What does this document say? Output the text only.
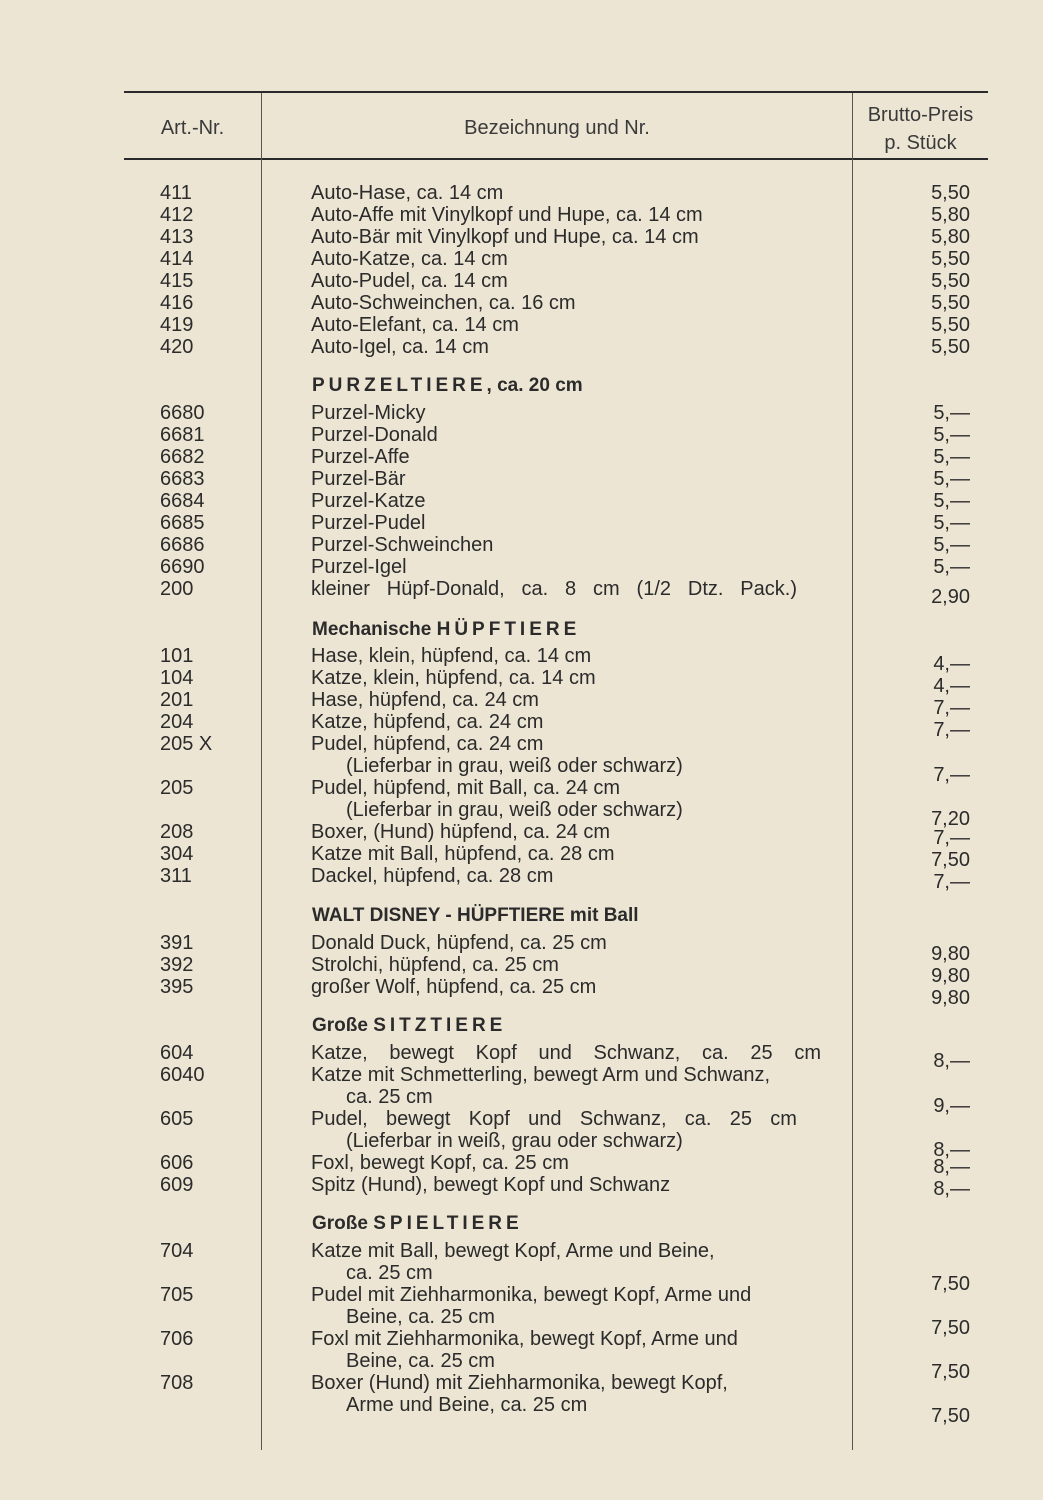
Art.-Nr.	Bezeichnung und Nr.
Brutto-Preis
p. Stück
PURZELTIERE, ca. 20 cm
Mechanische HÜPFTIERE
WALT DISNEY - HÜPFTIERE mit Ball
Große SITZTIERE
Große SPIELTIERE
411	Auto-Hase, ca. 14 cm	5,50
412	Auto-Affe mit Vinylkopf und Hupe, ca. 14 cm	5,80
413	Auto-Bär mit Vinylkopf und Hupe, ca. 14 cm	5,80
414	Auto-Katze, ca. 14 cm	5,50
415	Auto-Pudel, ca. 14 cm	5,50
416	Auto-Schweinchen, ca. 16 cm	5,50
419	Auto-Elefant, ca. 14 cm	5,50
420	Auto-Igel, ca. 14 cm	5,50
6680	Purzel-Micky	5,—
6681	Purzel-Donald	5,—
6682	Purzel-Affe	5,—
6683	Purzel-Bär	5,—
6684	Purzel-Katze	5,—
6685	Purzel-Pudel	5,—
6686	Purzel-Schweinchen	5,—
6690	Purzel-Igel	5,—
200	kleiner Hüpf-Donald, ca. 8 cm (1/2 Dtz. Pack.)	2,90
101	Hase, klein, hüpfend, ca. 14 cm	4,—
104	Katze, klein, hüpfend, ca. 14 cm	4,—
201	Hase, hüpfend, ca. 24 cm	7,—
204	Katze, hüpfend, ca. 24 cm	7,—
205 X	Pudel, hüpfend, ca. 24 cm
(Lieferbar in grau, weiß oder schwarz)	7,—
205	Pudel, hüpfend, mit Ball, ca. 24 cm
(Lieferbar in grau, weiß oder schwarz)	7,20
208	Boxer, (Hund) hüpfend, ca. 24 cm	7,—
304	Katze mit Ball, hüpfend, ca. 28 cm	7,50
311	Dackel, hüpfend, ca. 28 cm	7,—
391	Donald Duck, hüpfend, ca. 25 cm	9,80
392	Strolchi, hüpfend, ca. 25 cm	9,80
395	großer Wolf, hüpfend, ca. 25 cm	9,80
604	Katze, bewegt Kopf und Schwanz, ca. 25 cm	8,—
6040	Katze mit Schmetterling, bewegt Arm und Schwanz,
ca. 25 cm	9,—
605	Pudel, bewegt Kopf und Schwanz, ca. 25 cm
(Lieferbar in weiß, grau oder schwarz)	8,—
606	Foxl, bewegt Kopf, ca. 25 cm	8,—
609	Spitz (Hund), bewegt Kopf und Schwanz	8,—
704	Katze mit Ball, bewegt Kopf, Arme und Beine,
ca. 25 cm	7,50
705	Pudel mit Ziehharmonika, bewegt Kopf, Arme und
Beine, ca. 25 cm	7,50
706	Foxl mit Ziehharmonika, bewegt Kopf, Arme und
Beine, ca. 25 cm	7,50
708	Boxer (Hund) mit Ziehharmonika, bewegt Kopf,
Arme und Beine, ca. 25 cm	7,50
